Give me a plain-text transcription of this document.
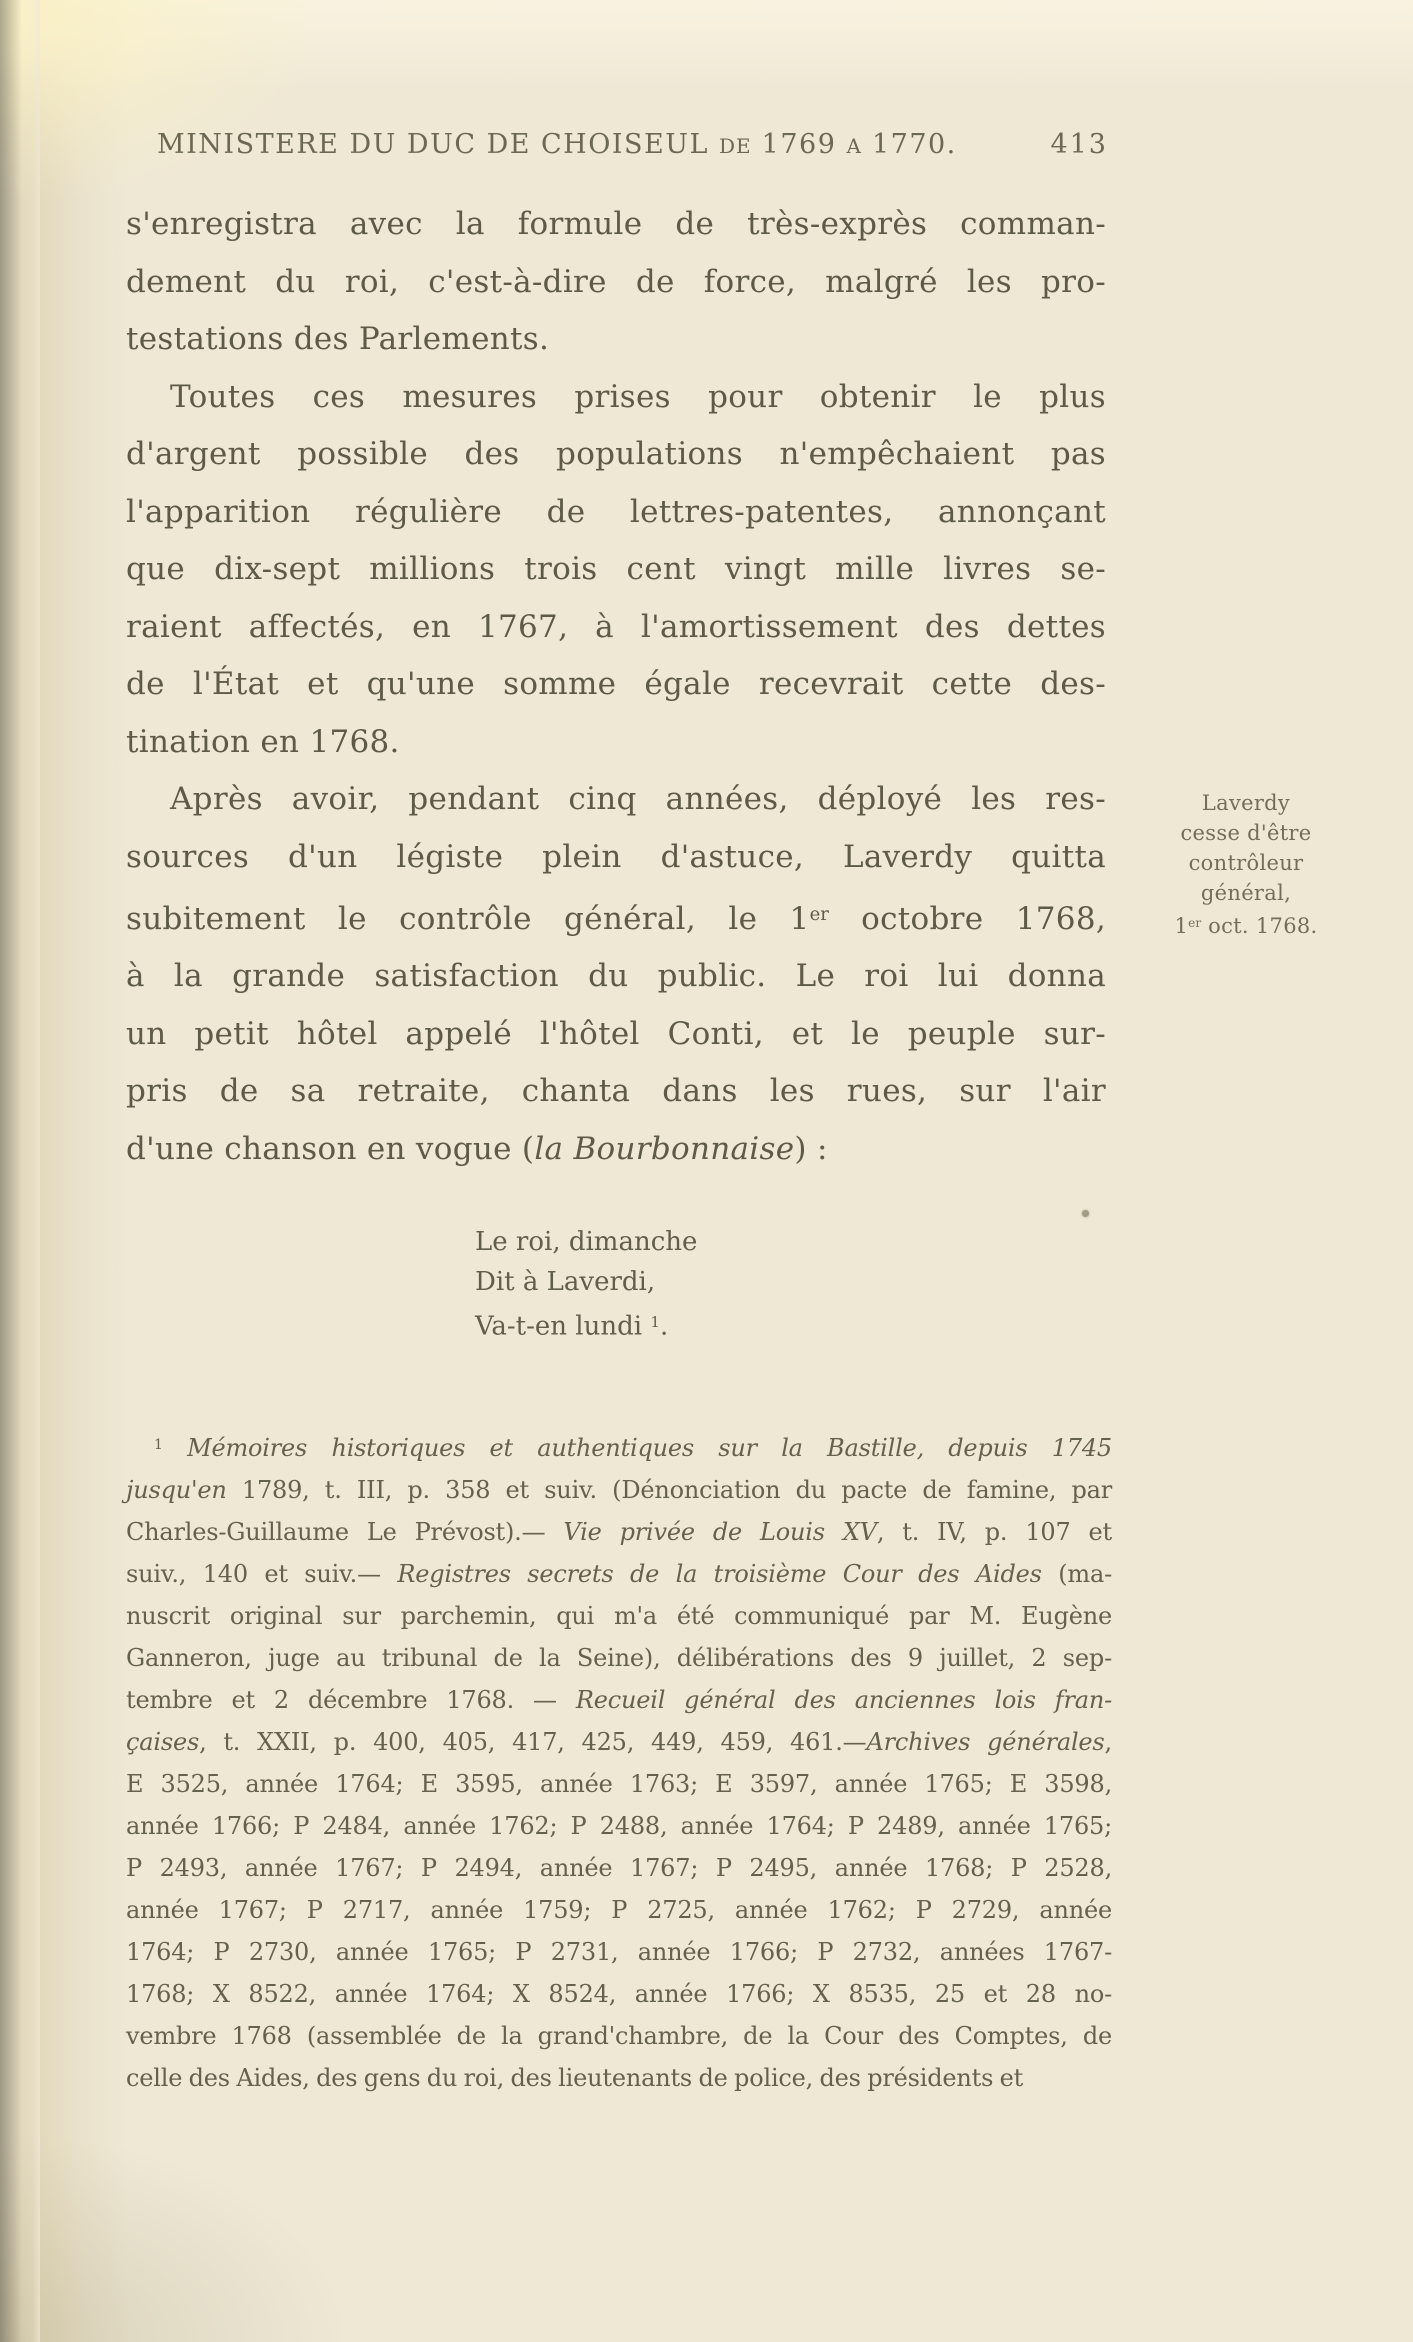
MINISTERE DU DUC DE CHOISEUL DE 1769 A 1770.	413
s'enregistra avec la formule de très-exprès comman-
dement du roi, c'est-à-dire de force, malgré les pro-
testations des Parlements.
Toutes ces mesures prises pour obtenir le plus
d'argent possible des populations n'empêchaient pas
l'apparition régulière de lettres-patentes, annonçant
que dix-sept millions trois cent vingt mille livres se-
raient affectés, en 1767, à l'amortissement des dettes
de l'État et qu'une somme égale recevrait cette des-
tination en 1768.
Après avoir, pendant cinq années, déployé les res-
sources d'un légiste plein d'astuce, Laverdy quitta
subitement le contrôle général, le 1er octobre 1768,
à la grande satisfaction du public. Le roi lui donna
un petit hôtel appelé l'hôtel Conti, et le peuple sur-
pris de sa retraite, chanta dans les rues, sur l'air
d'une chanson en vogue (la Bourbonnaise) :
Laverdy
cesse d'être
contrôleur
général,
1er oct. 1768.
Le roi, dimanche
Dit à Laverdi,
Va-t-en lundi $^1$.
$^1$ Mémoires historiques et authentiques sur la Bastille, depuis 1745
jusqu'en 1789, t. III, p. 358 et suiv. (Dénonciation du pacte de famine, par
Charles-Guillaume Le Prévost).— Vie privée de Louis XV, t. IV, p. 107 et
suiv., 140 et suiv.— Registres secrets de la troisième Cour des Aides (ma-
nuscrit original sur parchemin, qui m'a été communiqué par M. Eugène
Ganneron, juge au tribunal de la Seine), délibérations des 9 juillet, 2 sep-
tembre et 2 décembre 1768. — Recueil général des anciennes lois fran-
çaises, t. XXII, p. 400, 405, 417, 425, 449, 459, 461.—Archives générales,
E 3525, année 1764; E 3595, année 1763; E 3597, année 1765; E 3598,
année 1766; P 2484, année 1762; P 2488, année 1764; P 2489, année 1765;
P 2493, année 1767; P 2494, année 1767; P 2495, année 1768; P 2528,
année 1767; P 2717, année 1759; P 2725, année 1762; P 2729, année
1764; P 2730, année 1765; P 2731, année 1766; P 2732, années 1767-
1768; X 8522, année 1764; X 8524, année 1766; X 8535, 25 et 28 no-
vembre 1768 (assemblée de la grand'chambre, de la Cour des Comptes, de
celle des Aides, des gens du roi, des lieutenants de police, des présidents et
